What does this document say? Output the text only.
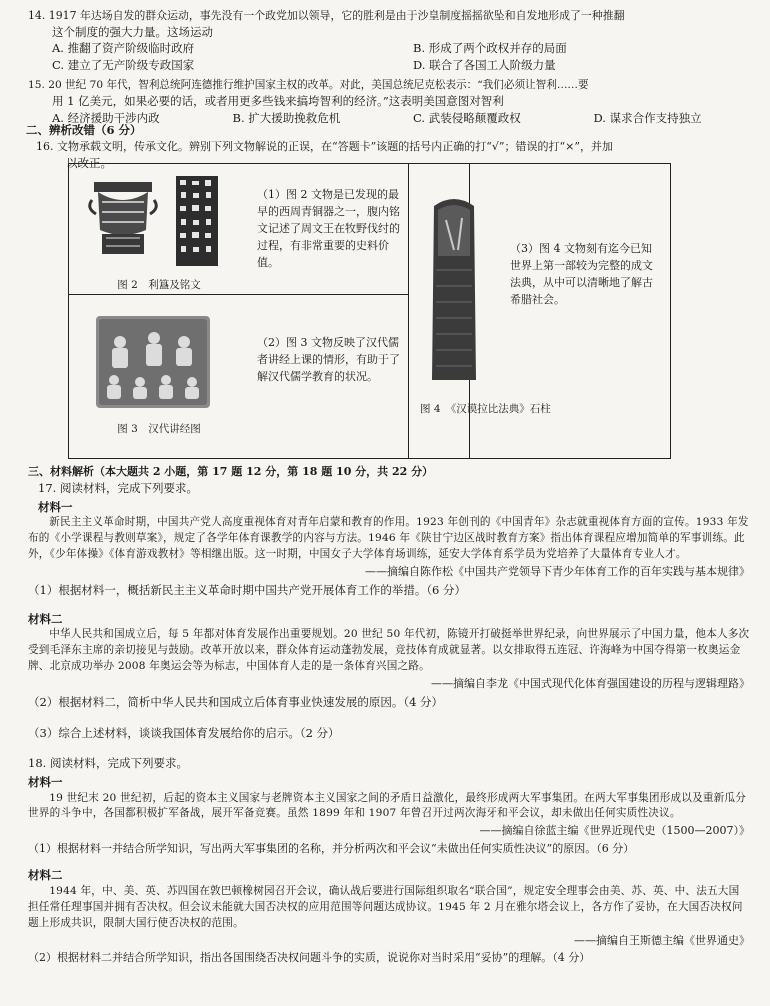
14. 1917 年达场自发的群众运动，事先没有一个政党加以领导，它的胜利是由于沙皇制度摇摇欲坠和自发地形成了一种推翻
这个制度的强大力量。这场运动
A. 推翻了资产阶级临时政府	B. 形成了两个政权并存的局面
C. 建立了无产阶级专政国家	D. 联合了各国工人阶级力量
15. 20 世纪 70 年代，智利总统阿连德推行维护国家主权的改革。对此，美国总统尼克松表示：“我们必须让智利……要
用 1 亿美元，如果必要的话，或者用更多些钱来搞垮智利的经济。”这表明美国意图对智利
A. 经济援助干涉内政	B. 扩大援助挽救危机	C. 武装侵略颠覆政权	D. 谋求合作支持独立
二、辨析改错（6 分）
16. 文物承载文明，传承文化。辨别下列文物解说的正误，在“答题卡”该题的括号内正确的打“√”；错误的打“×”，并加
以改正。
（1）图 2 文物是已发现的最早的西周青铜器之一，腹内铭文记述了周文王在牧野伐纣的过程，有非常重要的史料价值。
图 2　利簋及铭文
（2）图 3 文物反映了汉代儒者讲经上课的情形，有助于了解汉代儒学教育的状况。
图 3　汉代讲经图
（3）图 4 文物刻有迄今已知世界上第一部较为完整的成文法典，从中可以清晰地了解古希腊社会。
图 4　《汉谟拉比法典》石柱
三、材料解析（本大题共 2 小题，第 17 题 12 分，第 18 题 10 分，共 22 分）
17. 阅读材料，完成下列要求。
材料一

新民主主义革命时期，中国共产党人高度重视体育对青年启蒙和教育的作用。1923 年创刊的《中国青年》杂志就重视体育方面的宣传。1933 年发布的《小学课程与教则草案》，规定了各学年体育课教学的内容与方法。1946 年《陕甘宁边区战时教育方案》指出体育课程应增加简单的军事训练。此外，《少年体操》《体育游戏教材》等相继出版。这一时期，中国女子大学体育场训练，延安大学体育系学员为党培养了大量体育专业人才。

——摘编自陈作松《中国共产党领导下青少年体育工作的百年实践与基本规律》
（1）根据材料一，概括新民主主义革命时期中国共产党开展体育工作的举措。（6 分）
材料二

中华人民共和国成立后，每 5 年都对体育发展作出重要规划。20 世纪 50 年代初，陈镜开打破挺举世界纪录，向世界展示了中国力量，他本人多次受到毛泽东主席的亲切接见与鼓励。改革开放以来，群众体育运动蓬勃发展，竞技体育成就显著。以女排取得五连冠、许海峰为中国夺得第一枚奥运金牌、北京成功举办 2008 年奥运会等为标志，中国体育人走的是一条体育兴国之路。

——摘编自李龙《中国式现代化体育强国建设的历程与逻辑理路》
（2）根据材料二，简析中华人民共和国成立后体育事业快速发展的原因。（4 分）
（3）综合上述材料，谈谈我国体育发展给你的启示。（2 分）
18. 阅读材料，完成下列要求。
材料一

19 世纪末 20 世纪初，后起的资本主义国家与老牌资本主义国家之间的矛盾日益激化，最终形成两大军事集团。在两大军事集团形成以及重新瓜分世界的斗争中，各国都积极扩军备战，展开军备竞赛。虽然 1899 年和 1907 年曾召开过两次海牙和平会议，却未做出任何实质性决议。

——摘编自徐蓝主编《世界近现代史（1500—2007）》
（1）根据材料一并结合所学知识，写出两大军事集团的名称，并分析两次和平会议“未做出任何实质性决议”的原因。（6 分）
材料二

1944 年，中、美、英、苏四国在敦巴顿橡树园召开会议，确认战后要进行国际组织取名“联合国”，规定安全理事会由美、苏、英、中、法五大国担任常任理事国并拥有否决权。但会议未能就大国否决权的应用范围等问题达成协议。1945 年 2 月在雅尔塔会议上，各方作了妥协，在大国否决权问题上形成共识，限制大国行使否决权的范围。

——摘编自王斯德主编《世界通史》
（2）根据材料二并结合所学知识，指出各国围绕否决权问题斗争的实质，说说你对当时采用“妥协”的理解。（4 分）
